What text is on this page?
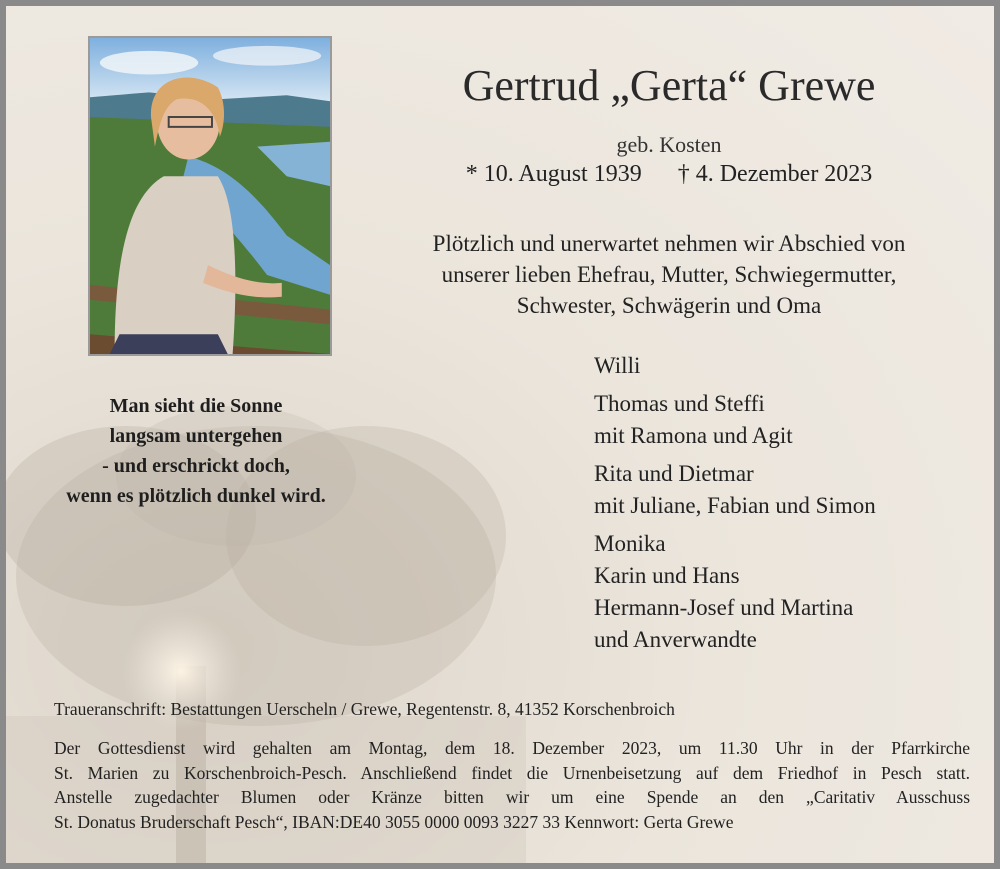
Gertrud „Gerta“ Grewe
geb. Kosten
* 10. August 1939 † 4. Dezember 2023
Plötzlich und unerwartet nehmen wir Abschied von
unserer lieben Ehefrau, Mutter, Schwiegermutter,
Schwester, Schwägerin und Oma
Man sieht die Sonne
langsam untergehen
- und erschrickt doch,
wenn es plötzlich dunkel wird.
Willi
Thomas und Steffi
mit Ramona und Agit
Rita und Dietmar
mit Juliane, Fabian und Simon
Monika
Karin und Hans
Hermann-Josef und Martina
und Anverwandte
Traueranschrift: Bestattungen Uerscheln / Grewe, Regentenstr. 8, 41352 Korschenbroich
Der Gottesdienst wird gehalten am Montag, dem 18. Dezember 2023, um 11.30 Uhr in der Pfarrkirche
St. Marien zu Korschenbroich-Pesch. Anschließend findet die Urnenbeisetzung auf dem Friedhof in Pesch statt.
Anstelle zugedachter Blumen oder Kränze bitten wir um eine Spende an den „Caritativ Ausschuss
St. Donatus Bruderschaft Pesch“, IBAN:DE40 3055 0000 0093 3227 33 Kennwort: Gerta Grewe
